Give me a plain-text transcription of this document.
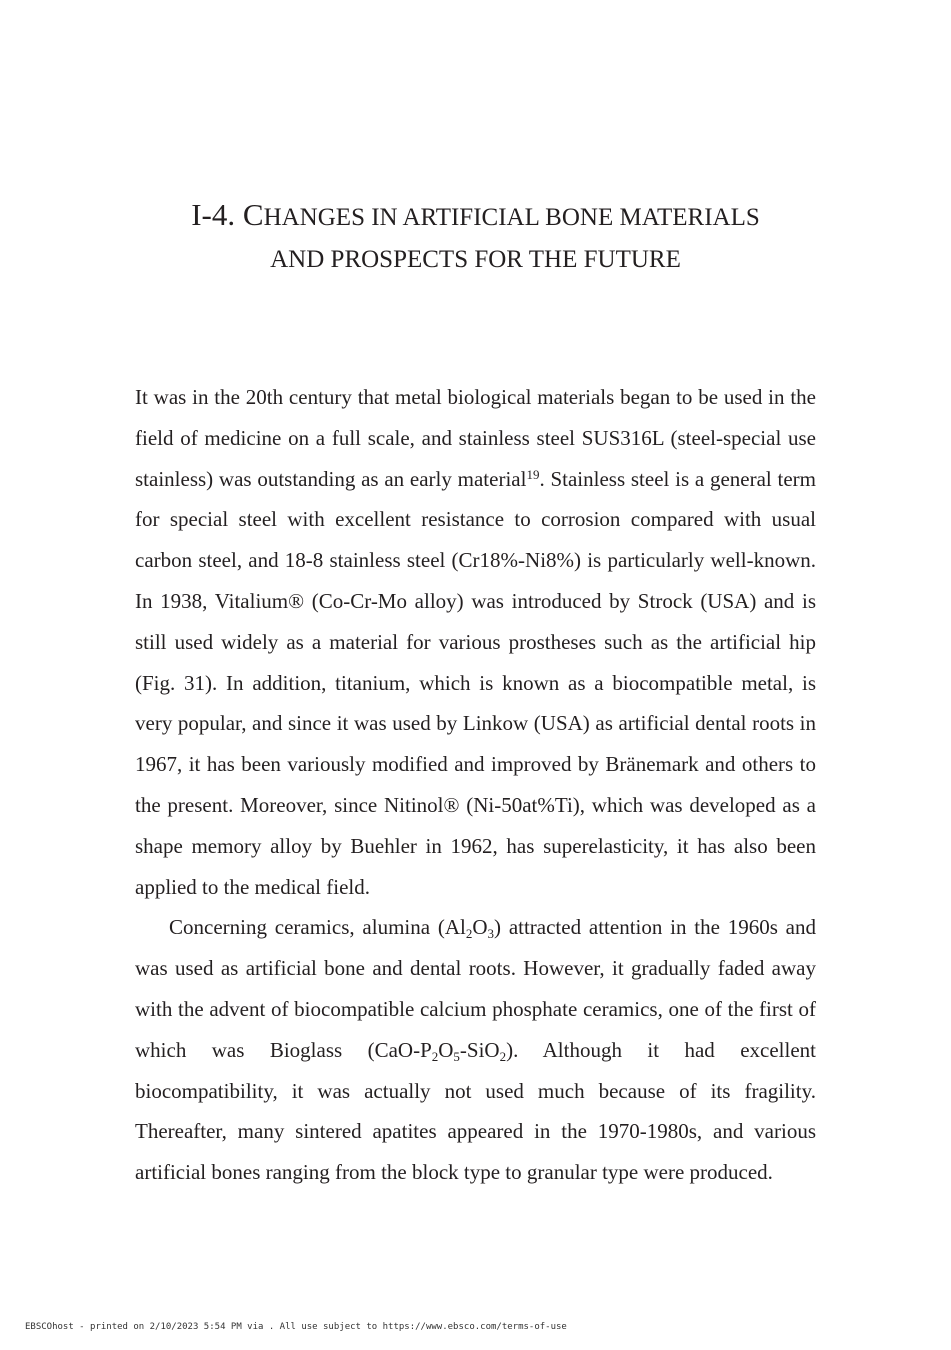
I-4. CHANGES IN ARTIFICIAL BONE MATERIALS
AND PROSPECTS FOR THE FUTURE

It was in the 20th century that metal biological materials began to be used in the field of medicine on a full scale, and stainless steel SUS316L (steel-special use stainless) was outstanding as an early material$^{19}$. Stainless steel is a general term for special steel with excellent resistance to corrosion compared with usual carbon steel, and 18-8 stainless steel (Cr18%-Ni8%) is particularly well-known. In 1938, Vitalium® (Co-Cr-Mo alloy) was introduced by Strock (USA) and is still used widely as a material for various prostheses such as the artificial hip (Fig. 31). In addition, titanium, which is known as a biocompatible metal, is very popular, and since it was used by Linkow (USA) as artificial dental roots in 1967, it has been variously modified and improved by Bränemark and others to the present. Moreover, since Nitinol® (Ni-50at%Ti), which was developed as a shape memory alloy by Buehler in 1962, has superelasticity, it has also been applied to the medical field.

Concerning ceramics, alumina $(Al_2O_3)$ attracted attention in the 1960s and was used as artificial bone and dental roots. However, it gradually faded away with the advent of biocompatible calcium phosphate ceramics, one of the first of which was Bioglass $(CaO-P_2O_5-SiO_2)$. Although it had excellent biocompatibility, it was actually not used much because of its fragility. Thereafter, many sintered apatites appeared in the 1970-1980s, and various artificial bones ranging from the block type to granular type were produced.

EBSCOhost - printed on 2/10/2023 5:54 PM via . All use subject to https://www.ebsco.com/terms-of-use
